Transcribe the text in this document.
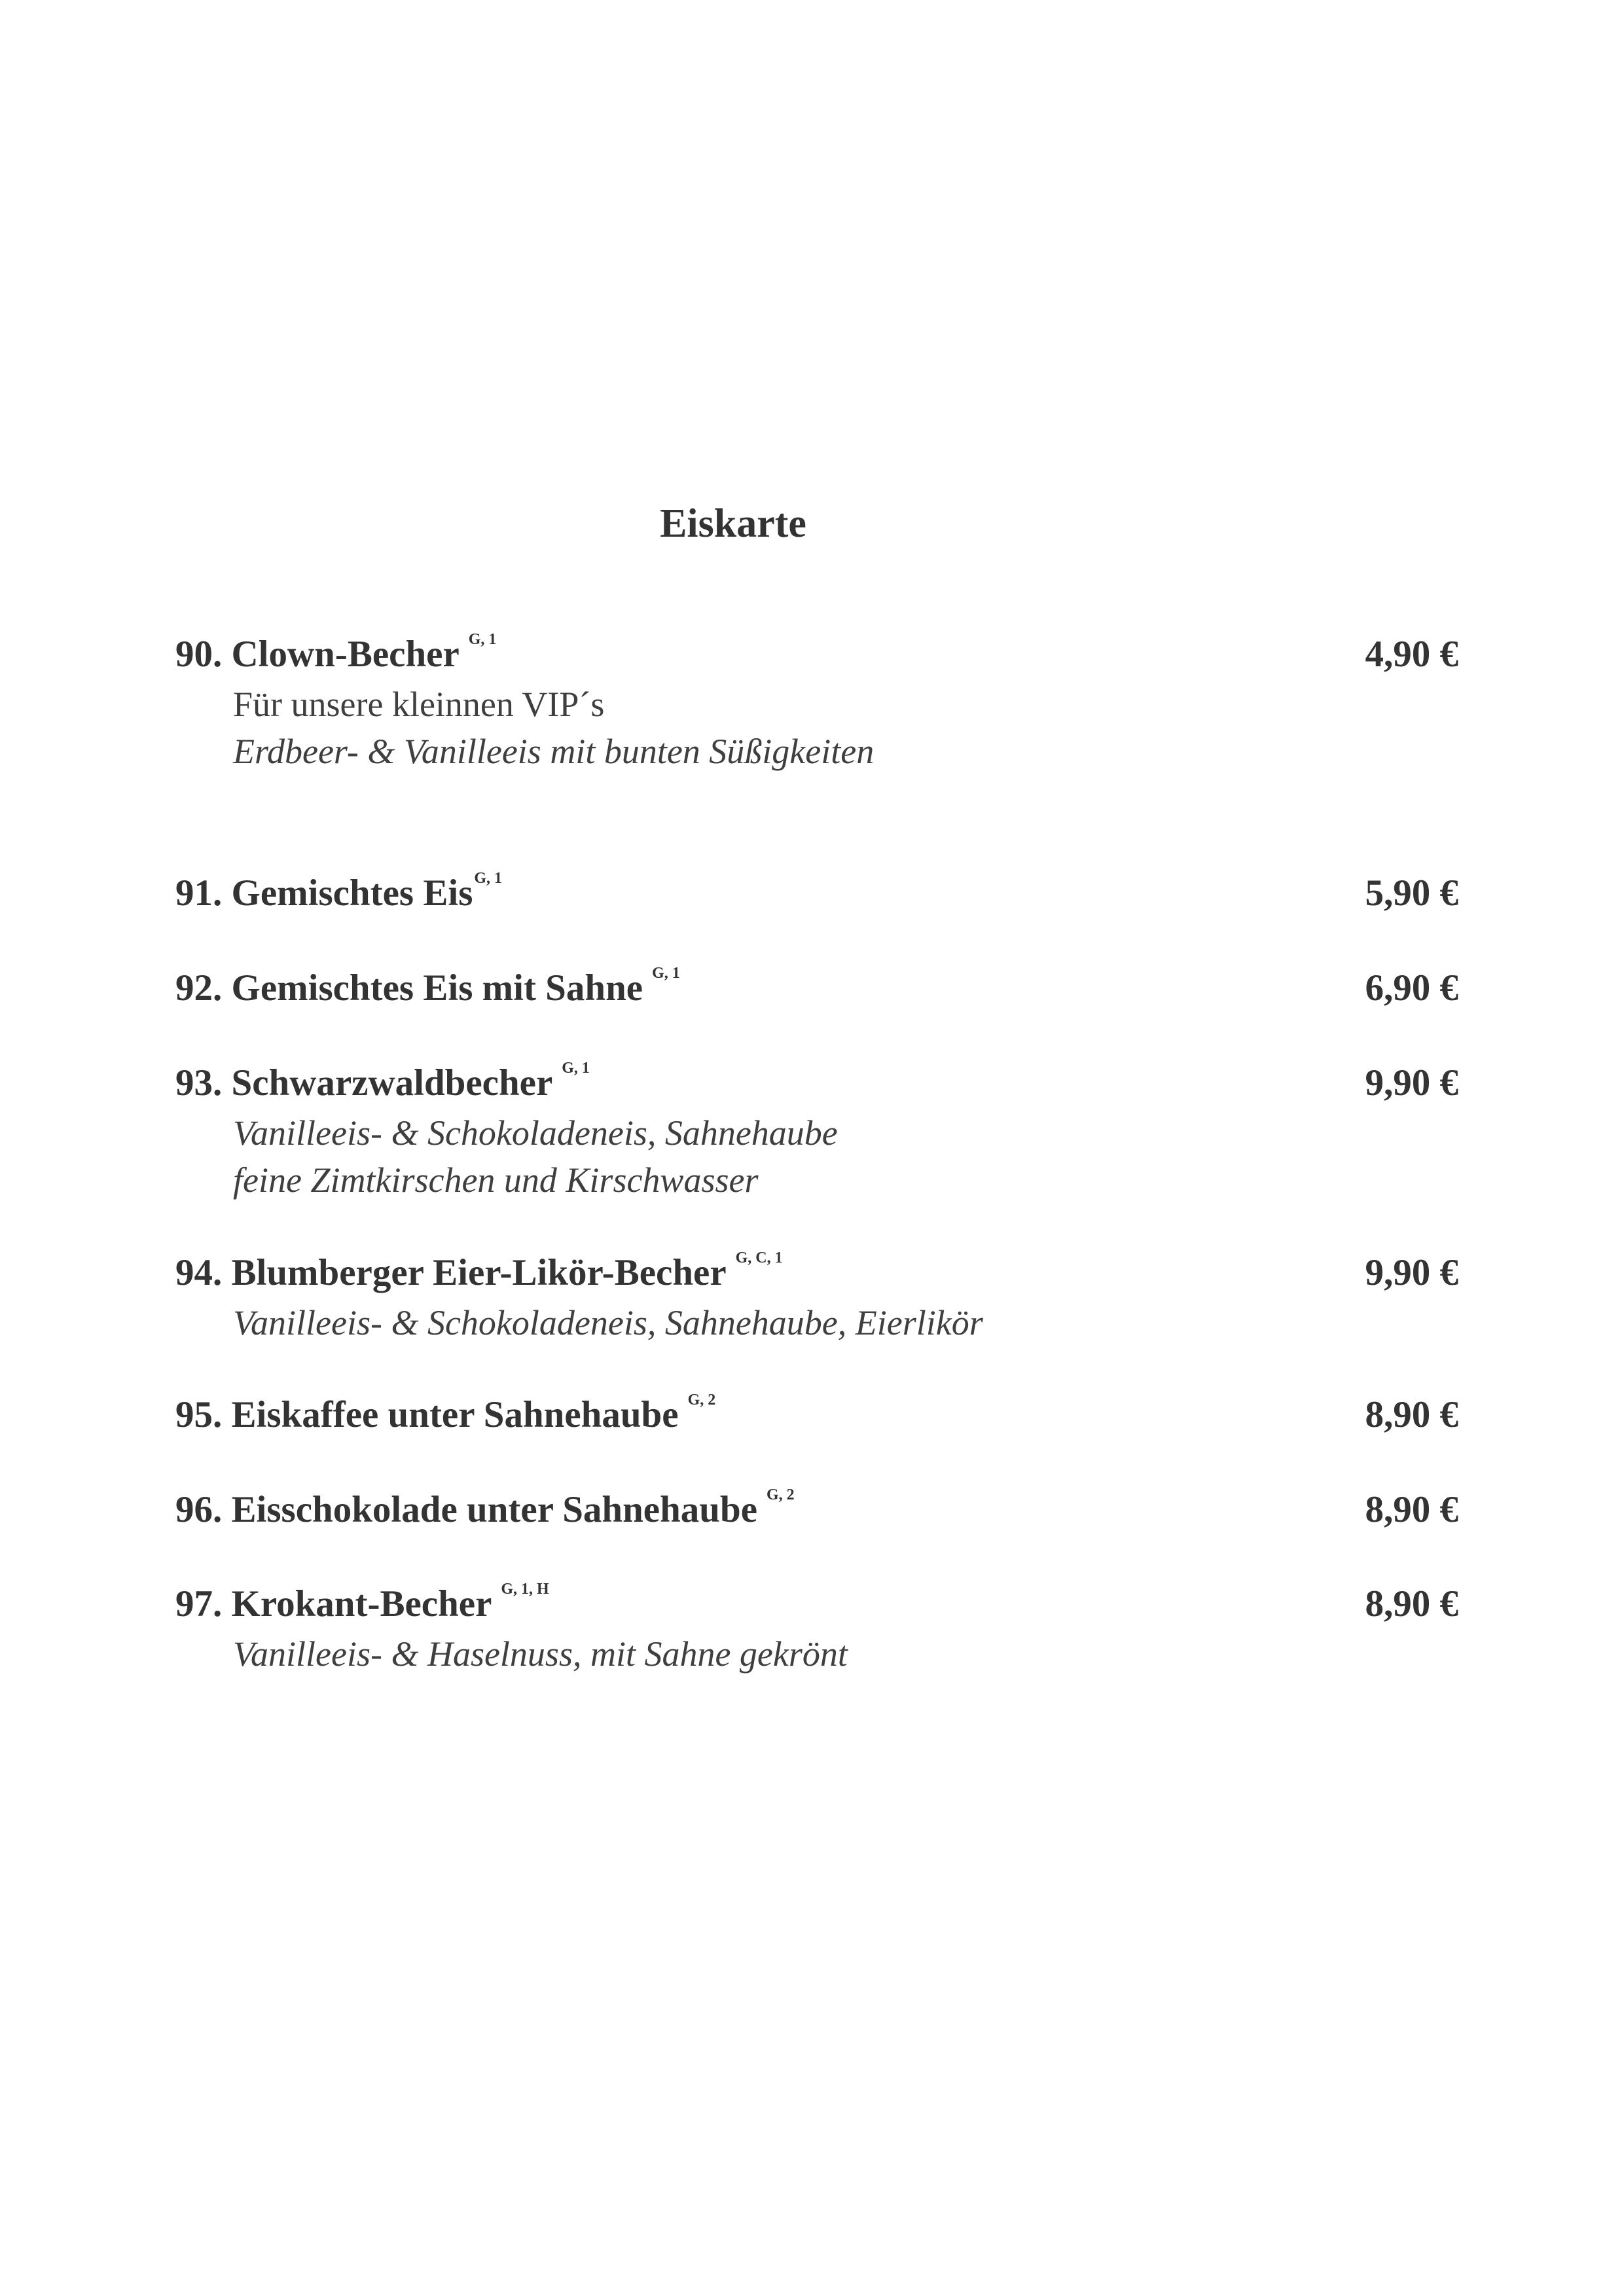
Eiskarte
90. Clown-Becher $^{G, 1}$	4,90 €
Für unsere kleinnen VIP´s
Erdbeer- & Vanilleeis mit bunten Süßigkeiten
91. Gemischtes Eis$^{G, 1}$	5,90 €
92. Gemischtes Eis mit Sahne $^{G, 1}$	6,90 €
93. Schwarzwaldbecher $^{G, 1}$	9,90 €
Vanilleeis- & Schokoladeneis, Sahnehaube
feine Zimtkirschen und Kirschwasser
94. Blumberger Eier-Likör-Becher $^{G, C, 1}$	9,90 €
Vanilleeis- & Schokoladeneis, Sahnehaube, Eierlikör
95. Eiskaffee unter Sahnehaube $^{G, 2}$	8,90 €
96. Eisschokolade unter Sahnehaube $^{G, 2}$	8,90 €
97. Krokant-Becher $^{G, 1, H}$	8,90 €
Vanilleeis- & Haselnuss, mit Sahne gekrönt
